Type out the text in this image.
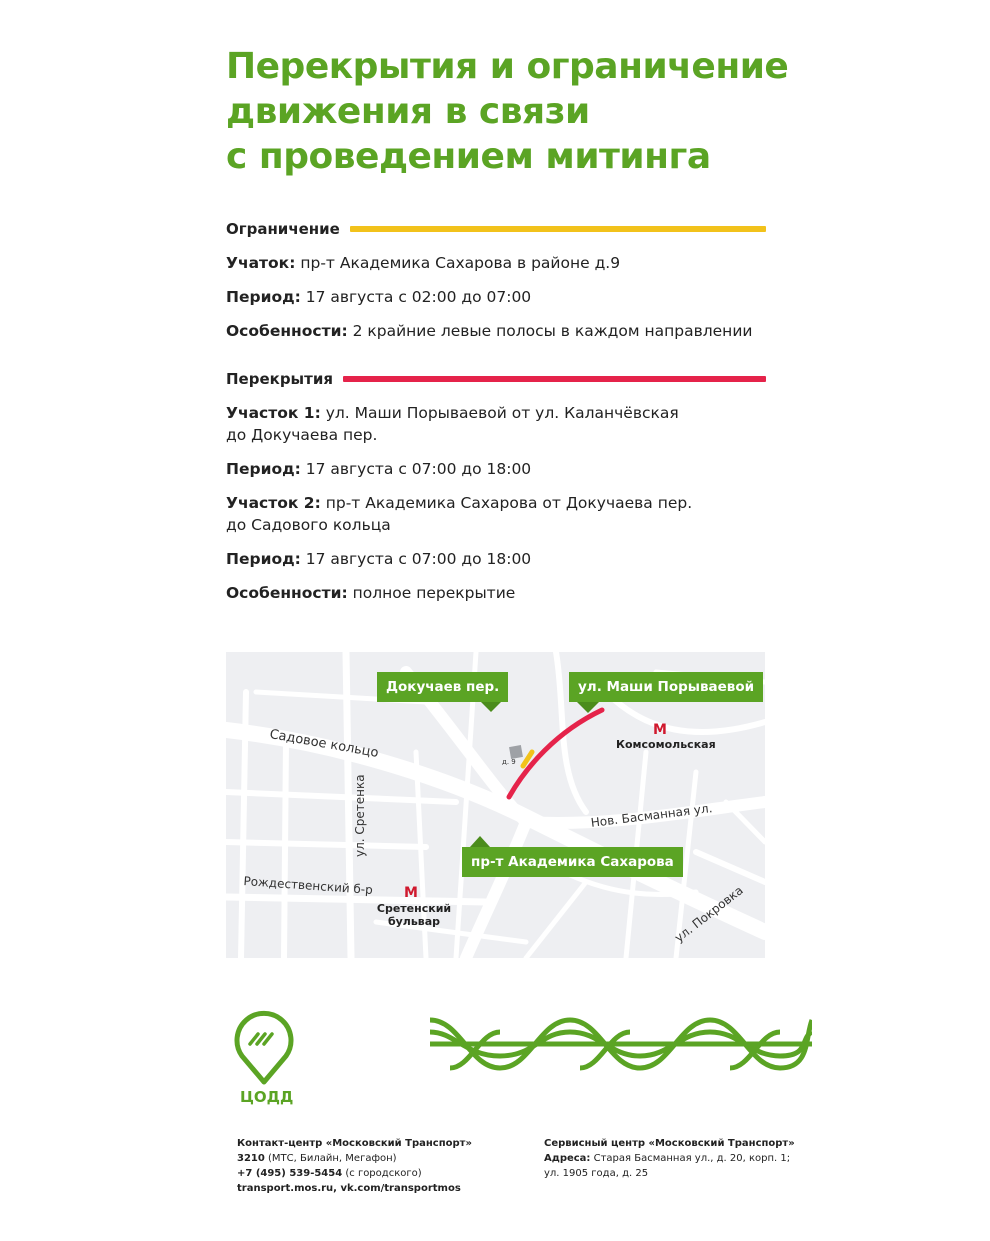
Перекрытия и ограничение
движения в связи
с проведением митинга
Ограничение
Учаток: пр-т Академика Сахарова в районе д.9
Период: 17 августа с 02:00 до 07:00
Особенности: 2 крайние левые полосы в каждом направлении
Перекрытия
Участок 1: ул. Маши Порываевой от ул. Каланчёвская
до Докучаева пер.
Период: 17 августа с 07:00 до 18:00
Участок 2: пр-т Академика Сахарова от Докучаева пер.
до Садового кольца
Период: 17 августа с 07:00 до 18:00
Особенности: полное перекрытие
Докучаев пер.	ул. Маши Порываевой
пр-т Академика Сахарова
Садовое кольцо
ул. Сретенка
Рождественский б-р
Нов. Басманная ул.
ул. Покровка
д. 9
М
Комсомольская
М
Сретенский
бульвар
ЦОДД
Контакт-центр «Московский Транспорт»
3210 (МТС, Билайн, Мегафон)
+7 (495) 539-5454 (с городского)
transport.mos.ru, vk.com/transportmos
Сервисный центр «Московский Транспорт»
Адреса: Старая Басманная ул., д. 20, корп. 1;
ул. 1905 года, д. 25
